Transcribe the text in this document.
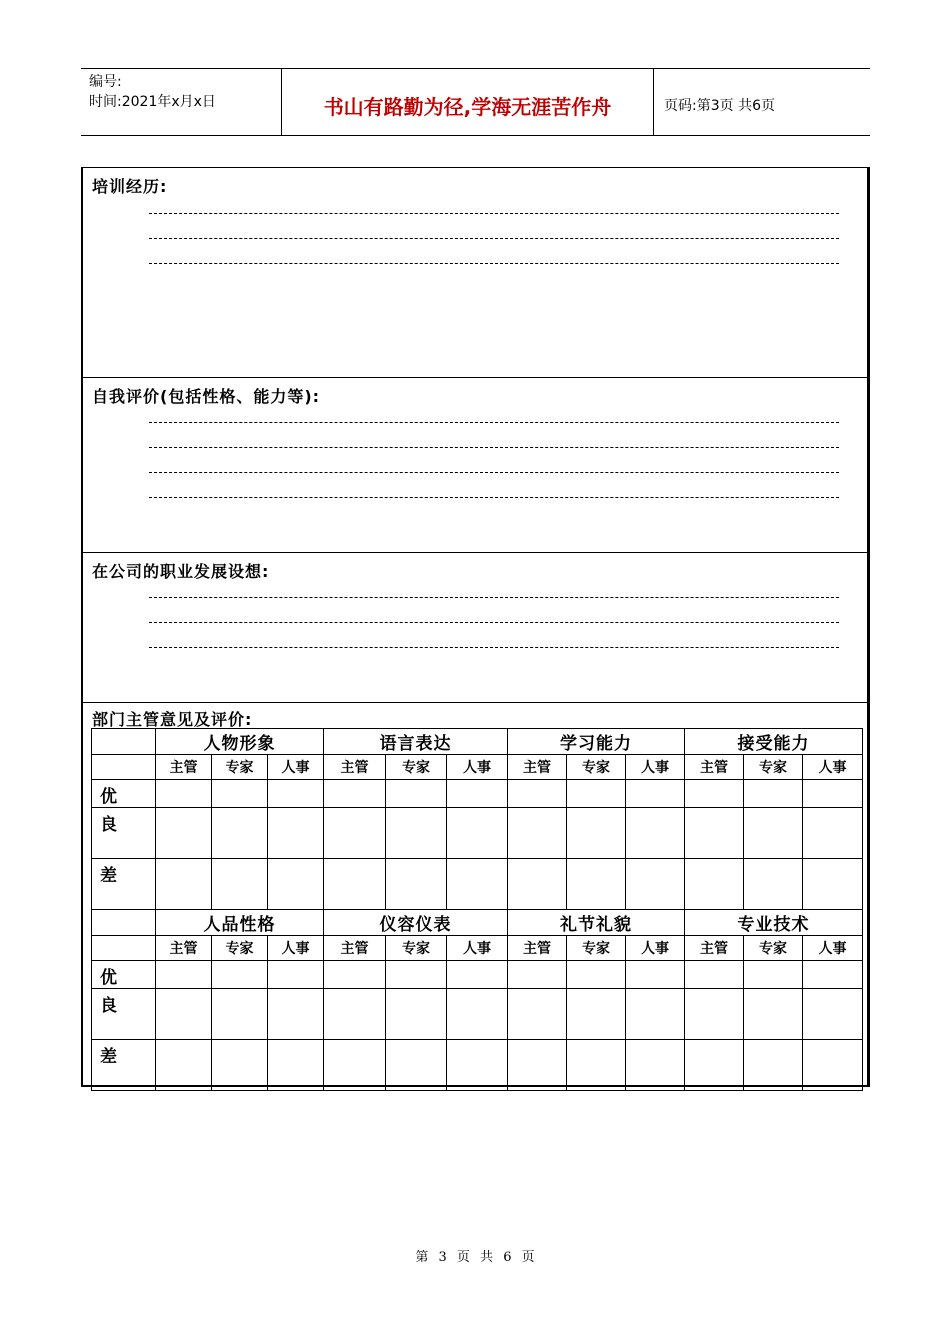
编号:
时间:2021年x月x日	书山有路勤为径,学海无涯苦作舟	页码:第3页 共6页
培训经历:
自我评价(包括性格、能力等):
在公司的职业发展设想:
部门主管意见及评价:
	人物形象			语言表达			学习能力			接受能力		
	主管	专家	人事	主管	专家	人事	主管	专家	人事	主管	专家	人事
优												
良												
差												
	人品性格			仪容仪表			礼节礼貌			专业技术		
	主管	专家	人事	主管	专家	人事	主管	专家	人事	主管	专家	人事
优												
良												
差												
第 3 页 共 6 页
